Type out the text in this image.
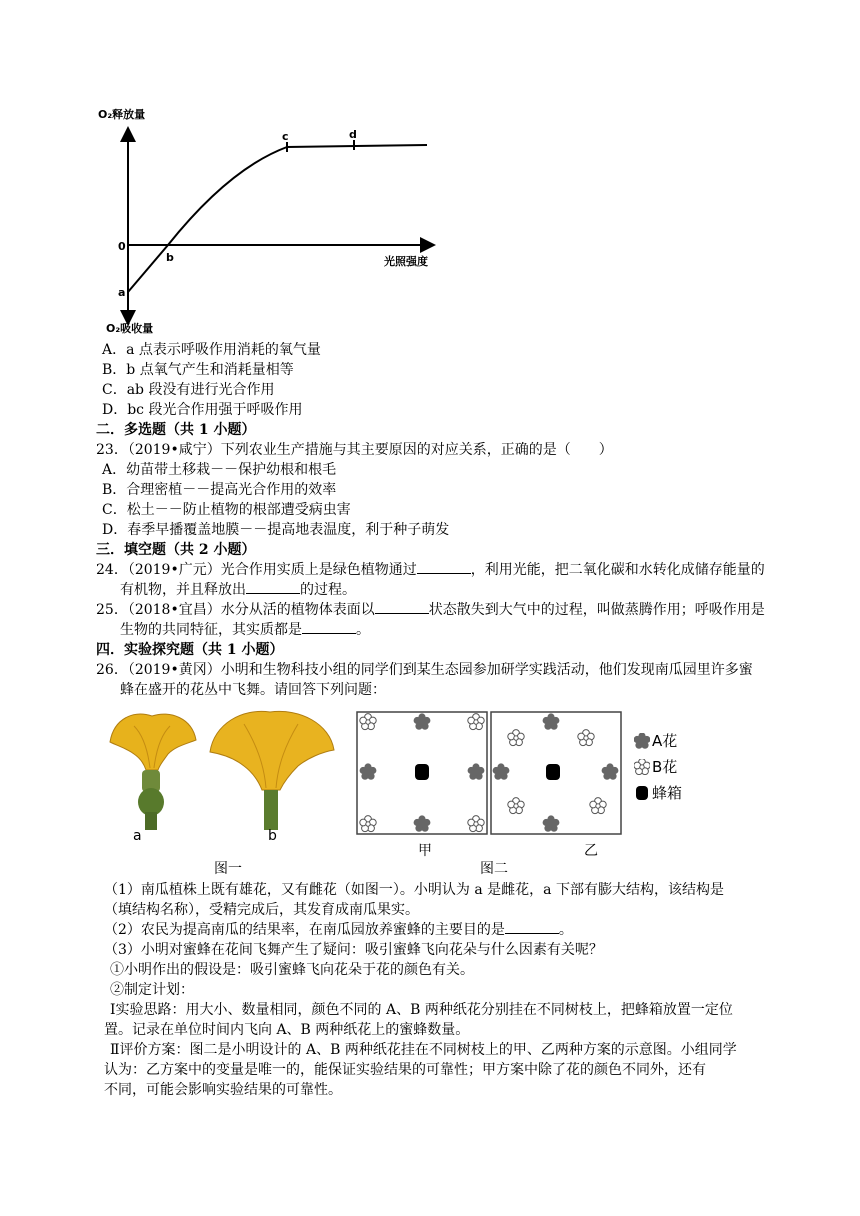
O₂释放量
O₂吸收量
光照强度
0
a
b
c	d
A．a 点表示呼吸作用消耗的氧气量
B．b 点氧气产生和消耗量相等
C．ab 段没有进行光合作用
D．bc 段光合作用强于呼吸作用
二．多选题（共 1 小题）
23．（2019•咸宁）下列农业生产措施与其主要原因的对应关系，正确的是（　　）
A．幼苗带土移栽－－保护幼根和根毛
B．合理密植－－提高光合作用的效率
C．松土－－防止植物的根部遭受病虫害
D．春季早播覆盖地膜－－提高地表温度，利于种子萌发
三．填空题（共 2 小题）
24．（2019•广元）光合作用实质上是绿色植物通过	，利用光能，把二氧化碳和水转化成储存能量的
有机物，并且释放出	的过程。
25．（2018•宜昌）水分从活的植物体表面以	状态散失到大气中的过程，叫做蒸腾作用；呼吸作用是
生物的共同特征，其实质都是	。
四．实验探究题（共 1 小题）
26．（2019•黄冈）小明和生物科技小组的同学们到某生态园参加研学实践活动，他们发现南瓜园里许多蜜
蜂在盛开的花丛中飞舞。请回答下列问题：
a	b
A花
B花
蜂箱
甲	乙
图一	图二
（1）南瓜植株上既有雄花，又有雌花（如图一）。小明认为 a 是雌花，a 下部有膨大结构，该结构是
（填结构名称），受精完成后，其发育成南瓜果实。
（2）农民为提高南瓜的结果率，在南瓜园放养蜜蜂的主要目的是	。
（3）小明对蜜蜂在花间飞舞产生了疑问：吸引蜜蜂飞向花朵与什么因素有关呢？
①小明作出的假设是：吸引蜜蜂飞向花朵于花的颜色有关。
②制定计划：
Ⅰ实验思路：用大小、数量相同，颜色不同的 A、B 两种纸花分别挂在不同树枝上，把蜂箱放置一定位
置。记录在单位时间内飞向 A、B 两种纸花上的蜜蜂数量。
Ⅱ评价方案：图二是小明设计的 A、B 两种纸花挂在不同树枝上的甲、乙两种方案的示意图。小组同学
认为：乙方案中的变量是唯一的，能保证实验结果的可靠性；甲方案中除了花的颜色不同外，还有
不同，可能会影响实验结果的可靠性。
